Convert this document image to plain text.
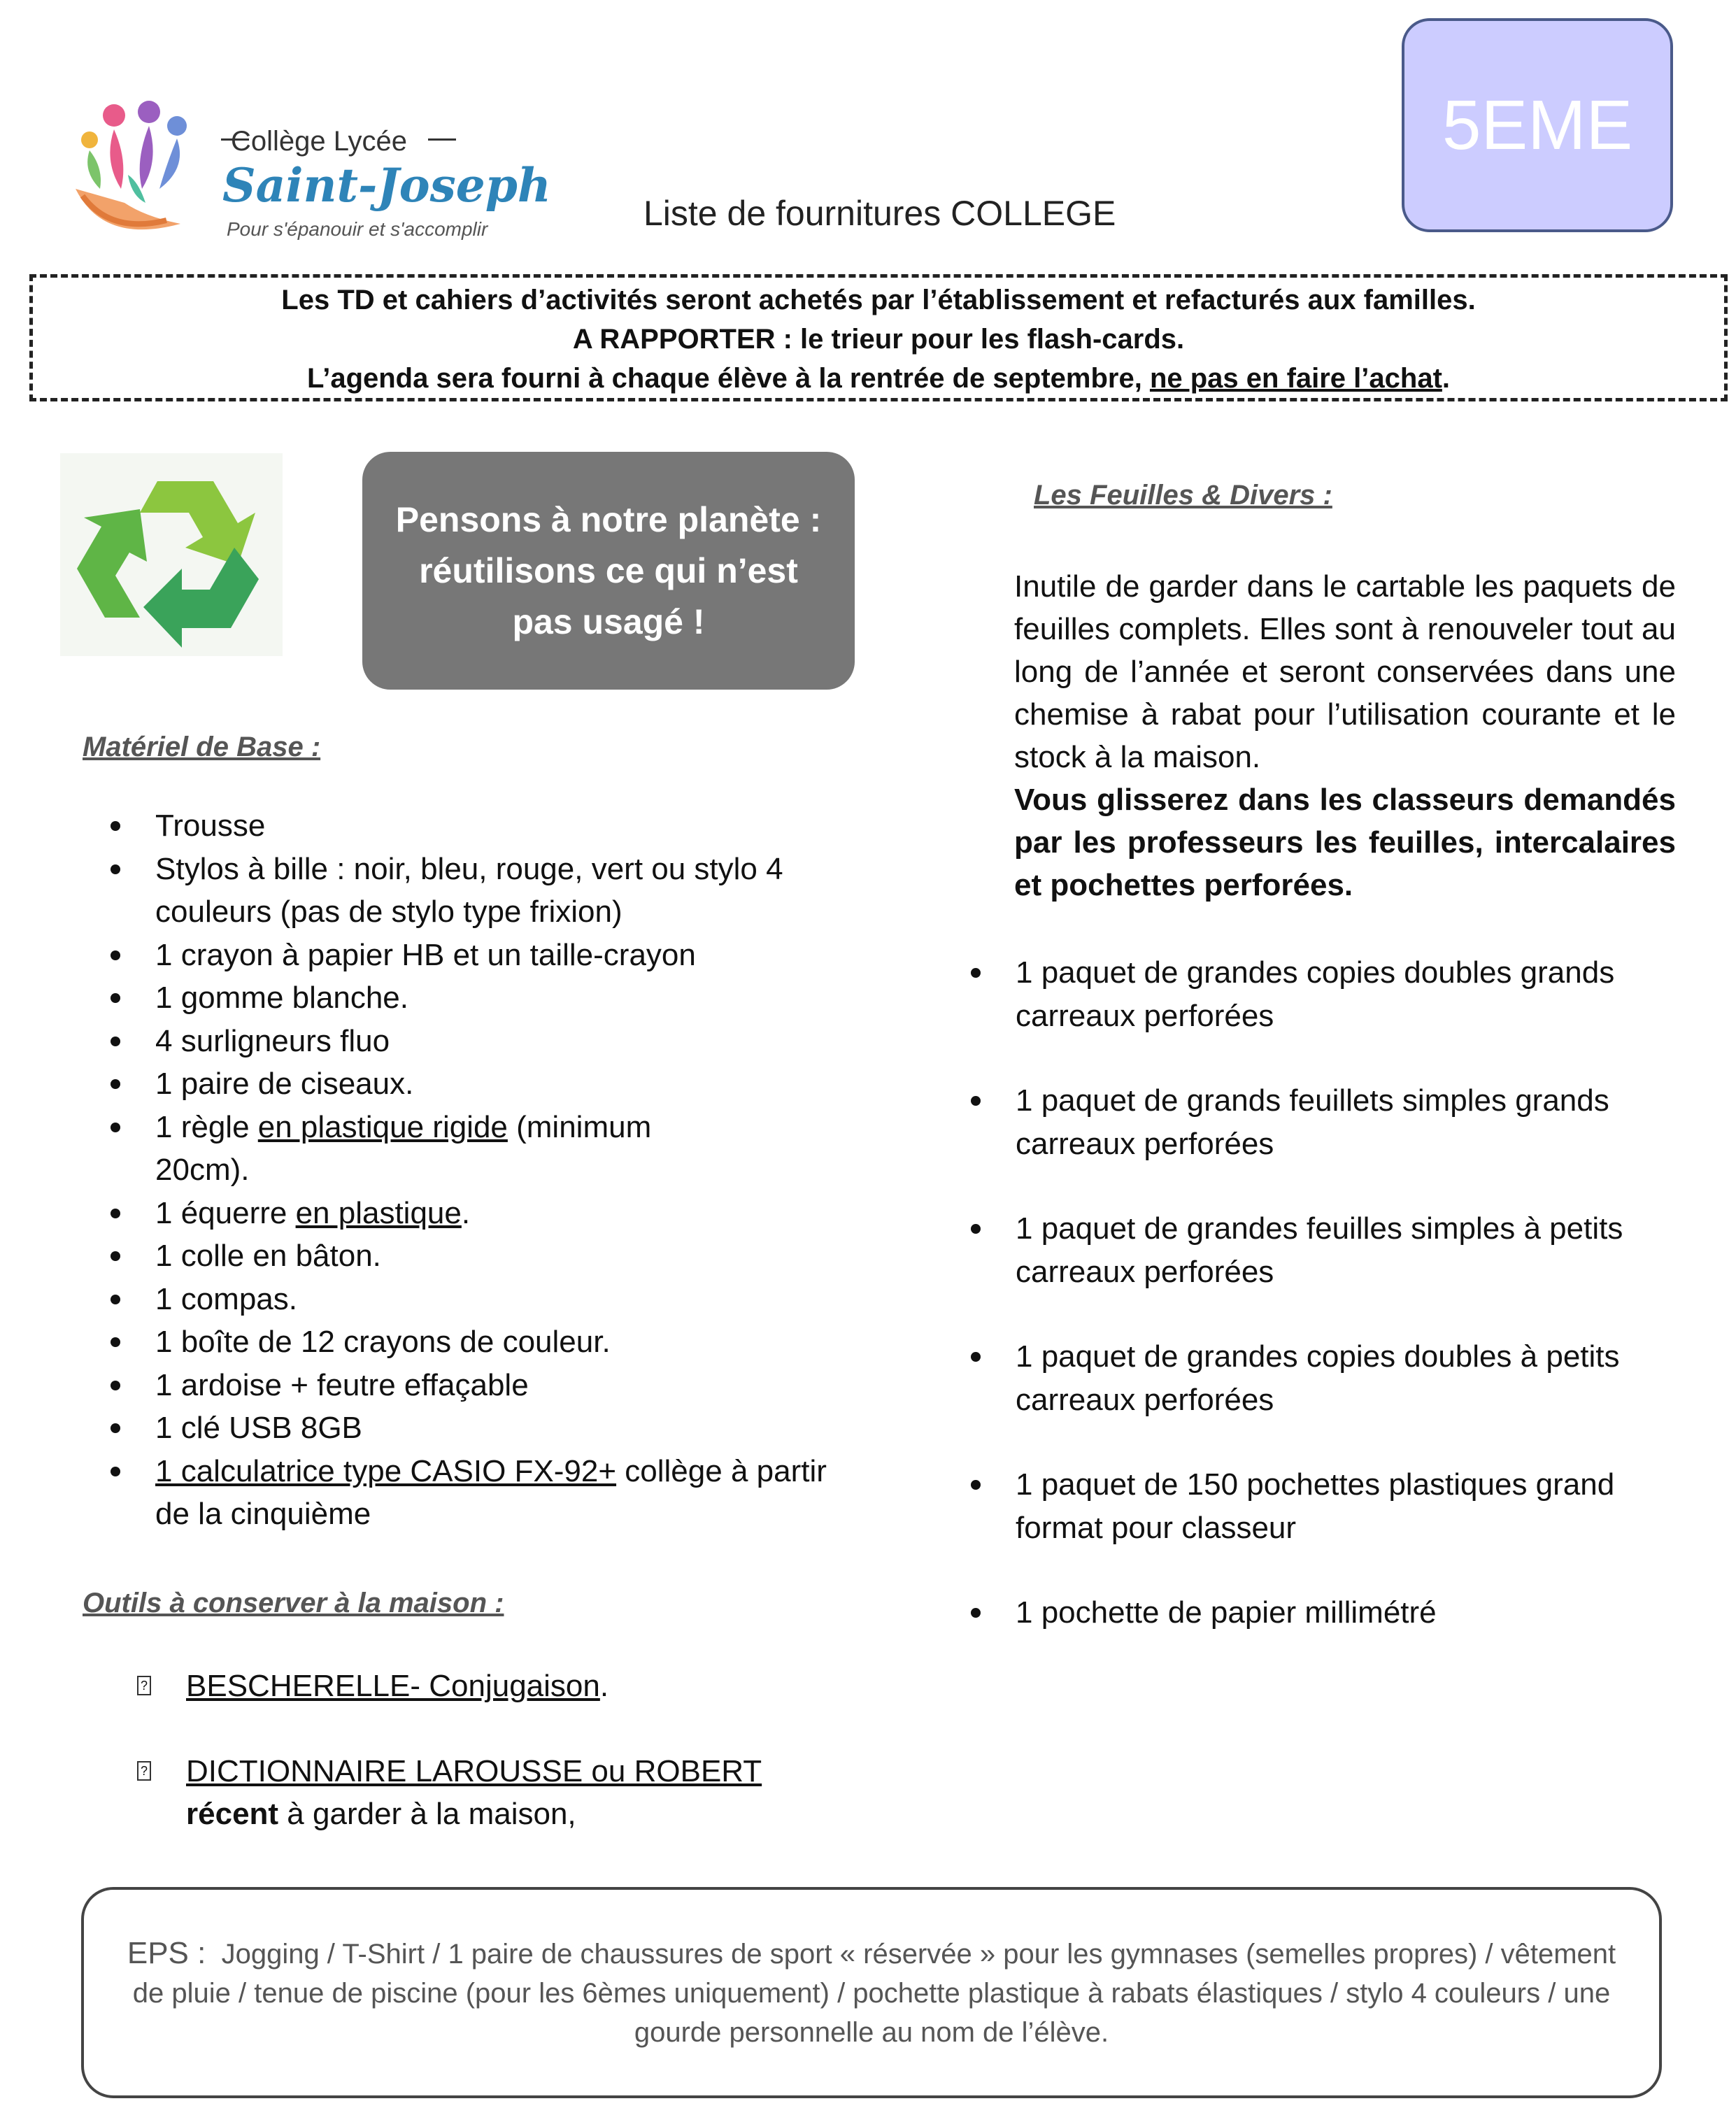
Collège Lycée
Saint-Joseph
Pour s'épanouir et s'accomplir
5EME
Liste de fournitures COLLEGE
Les TD et cahiers d’activités seront achetés par l’établissement et refacturés aux familles.
A RAPPORTER : le trieur pour les flash-cards.
L’agenda sera fourni à chaque élève à la rentrée de septembre, ne pas en faire l’achat.
Pensons à notre planète : réutilisons ce qui n’est pas usagé !
Matériel de Base :
Trousse
Stylos à bille : noir, bleu, rouge, vert ou stylo 4 couleurs (pas de stylo type frixion)
1 crayon à papier HB et un taille-crayon
1 gomme blanche.
4 surligneurs fluo
1 paire de ciseaux.
1 règle en plastique rigide (minimum 20cm).
1 équerre en plastique.
1 colle en bâton.
1 compas.
1 boîte de 12 crayons de couleur.
1 ardoise + feutre effaçable
1 clé USB 8GB
1 calculatrice type CASIO FX-92+ collège à partir de la cinquième
Outils à conserver à la maison :
? BESCHERELLE- Conjugaison.
? DICTIONNAIRE LAROUSSE ou ROBERT
récent à garder à la maison,
Les Feuilles & Divers :
Inutile de garder dans le cartable les paquets de feuilles complets. Elles sont à renouveler tout au long de l’année et seront conservées dans une chemise à rabat pour l’utilisation courante et le stock à la maison.
Vous glisserez dans les classeurs demandés par les professeurs les feuilles, intercalaires et pochettes perforées.
1 paquet de grandes copies doubles grands carreaux perforées
1 paquet de grands feuillets simples grands carreaux perforées
1 paquet de grandes feuilles simples à petits carreaux perforées
1 paquet de grandes copies doubles à petits carreaux perforées
1 paquet de 150 pochettes plastiques grand format pour classeur
1 pochette de papier millimétré
EPS : Jogging / T-Shirt / 1 paire de chaussures de sport « réservée » pour les gymnases (semelles propres) / vêtement de pluie / tenue de piscine (pour les 6èmes uniquement) / pochette plastique à rabats élastiques / stylo 4 couleurs / une gourde personnelle au nom de l’élève.
